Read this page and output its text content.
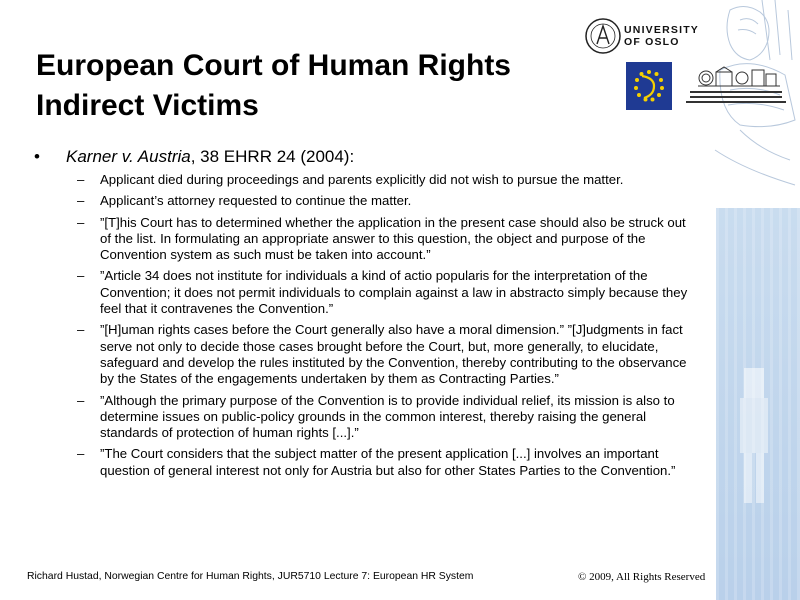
UNIVERSITY
OF OSLO
European Court of Human Rights
Indirect Victims
•	Karner v. Austria, 38 EHRR 24 (2004):
–	Applicant died during proceedings and parents explicitly did not wish to pursue the matter.
–	Applicant’s attorney requested to continue the matter.
–	”[T]his Court has to determined whether the application in the present case should also be struck out of the list. In formulating an appropriate answer to this question, the object and purpose of the Convention system as such must be taken into account.”
–	”Article 34 does not institute for individuals a kind of actio popularis for the interpretation of the Convention; it does not permit individuals to complain against a law in abstracto simply because they feel that it contravenes the Convention.”
–	”[H]uman rights cases before the Court generally also have a moral dimension.” ”[J]udgments in fact serve not only to decide those cases brought before the Court, but, more generally, to elucidate, safeguard and develop the rules instituted by the Convention, thereby contributing to the observance by the States of the engagements undertaken by them as Contracting Parties.”
–	”Although the primary purpose of the Convention is to provide individual relief, its mission is also to determine issues on public-policy grounds in the common interest, thereby raising the general standards of protection of human rights [...].”
–	”The Court considers that the subject matter of the present application [...] involves an important question of general interest not only for Austria but also for other States Parties to the Convention.”
Richard Hustad, Norwegian Centre for Human Rights, JUR5710 Lecture 7: European HR System	© 2009, All Rights Reserved
